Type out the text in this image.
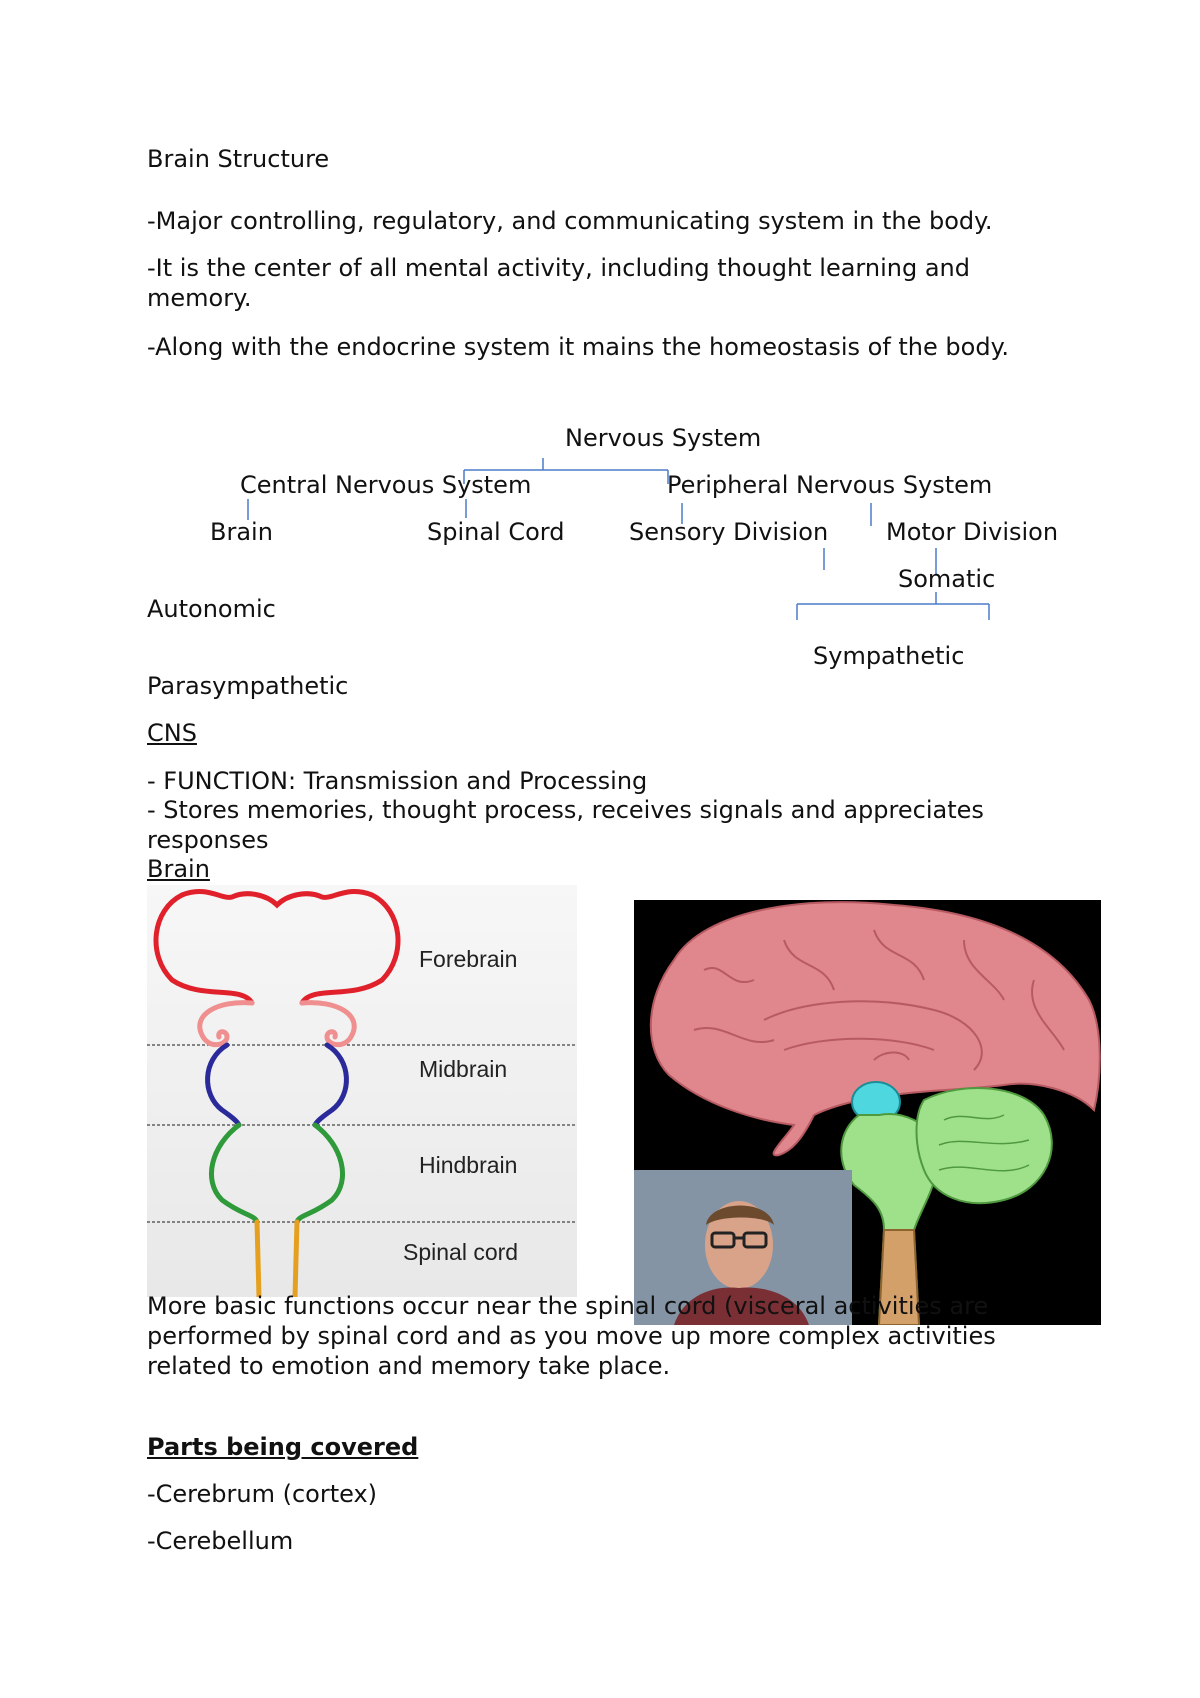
Brain Structure
-Major controlling, regulatory, and communicating system in the body.
-It is the center of all mental activity, including thought learning and memory.
-Along with the endocrine system it mains the homeostasis of the body.
Nervous System
Central Nervous System	Peripheral Nervous System
Brain	Spinal Cord	Sensory Division Motor Division
Somatic
Autonomic
Sympathetic
Parasympathetic
CNS
- FUNCTION: Transmission and Processing
- Stores memories, thought process, receives signals and appreciates responses
Brain
Forebrain
Midbrain
Hindbrain
Spinal cord
More basic functions occur near the spinal cord (visceral activities are performed by spinal cord and as you move up more complex activities related to emotion and memory take place.
Parts being covered
-Cerebrum (cortex)
-Cerebellum
